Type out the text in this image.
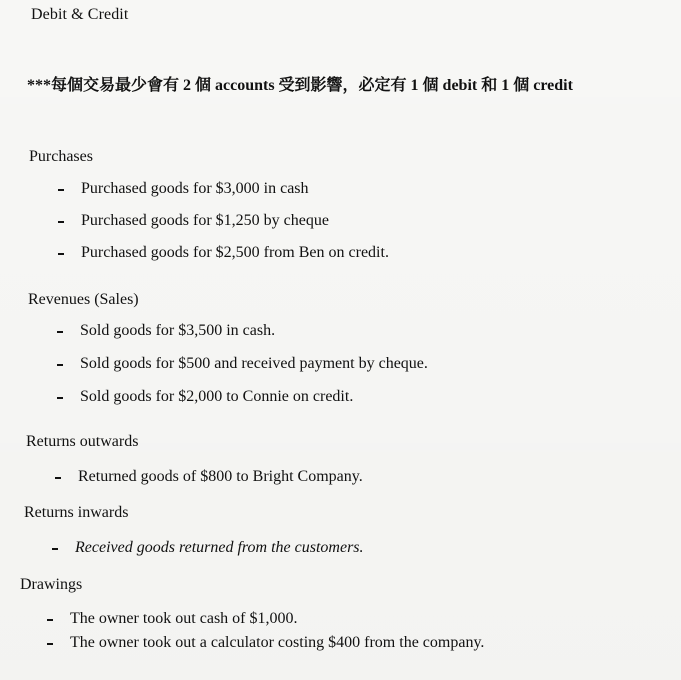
Debit & Credit
***每個交易最少會有 2 個 accounts 受到影響，必定有 1 個 debit 和 1 個 credit
Purchases
Purchased goods for $3,000 in cash
Purchased goods for $1,250 by cheque
Purchased goods for $2,500 from Ben on credit.
Revenues (Sales)
Sold goods for $3,500 in cash.
Sold goods for $500 and received payment by cheque.
Sold goods for $2,000 to Connie on credit.
Returns outwards
Returned goods of $800 to Bright Company.
Returns inwards
Received goods returned from the customers.
Drawings
The owner took out cash of $1,000.
The owner took out a calculator costing $400 from the company.
